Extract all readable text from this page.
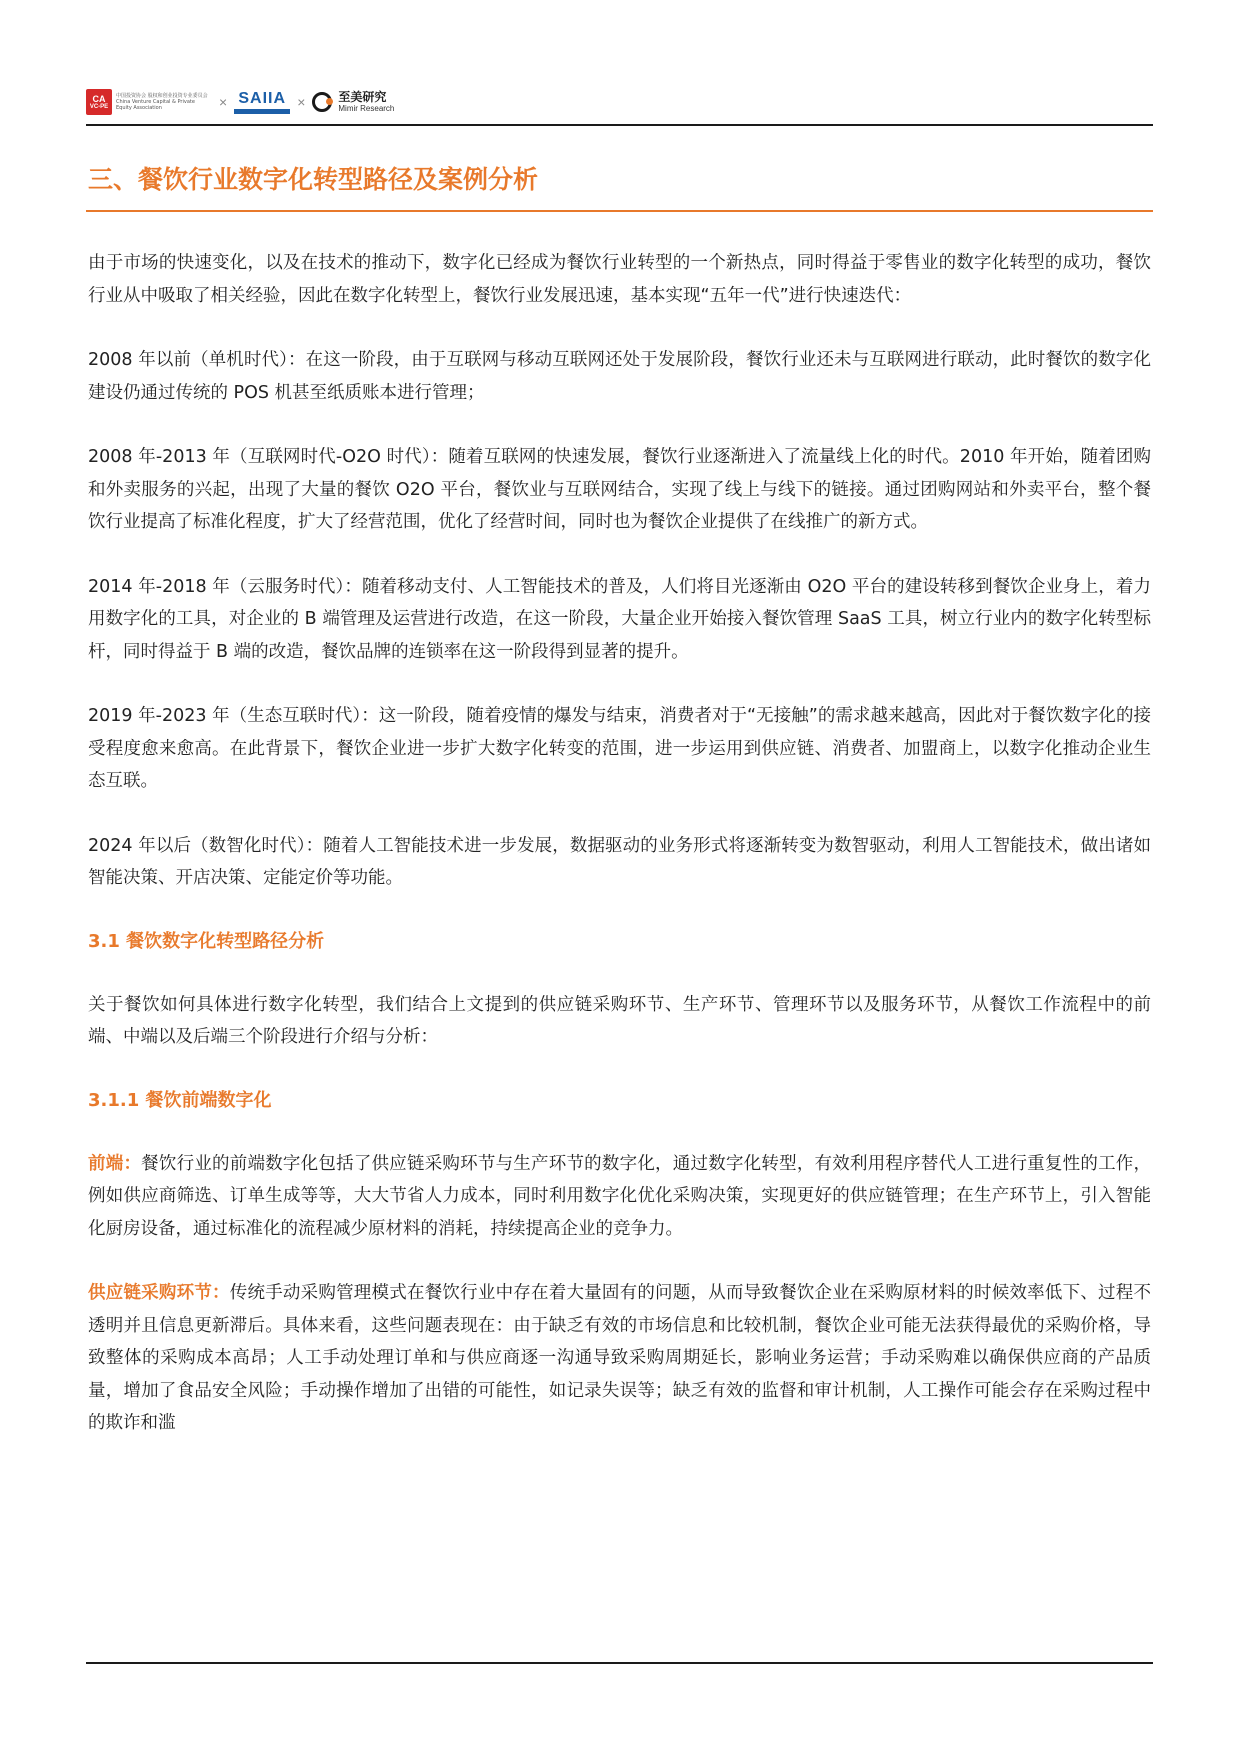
CA
VC-PE
中国投资协会 股权和创业投资专业委员会
China Venture Capital & Private Equity Association	× SAIIA ×	至美研究
Mimir Research
三、餐饮行业数字化转型路径及案例分析

由于市场的快速变化，以及在技术的推动下，数字化已经成为餐饮行业转型的一个新热点，同时得益于零售业的数字化转型的成功，餐饮行业从中吸取了相关经验，因此在数字化转型上，餐饮行业发展迅速，基本实现“五年一代”进行快速迭代：

2008 年以前（单机时代）：在这一阶段，由于互联网与移动互联网还处于发展阶段，餐饮行业还未与互联网进行联动，此时餐饮的数字化建设仍通过传统的 POS 机甚至纸质账本进行管理；

2008 年-2013 年（互联网时代-O2O 时代）：随着互联网的快速发展，餐饮行业逐渐进入了流量线上化的时代。2010 年开始，随着团购和外卖服务的兴起，出现了大量的餐饮 O2O 平台，餐饮业与互联网结合，实现了线上与线下的链接。通过团购网站和外卖平台，整个餐饮行业提高了标准化程度，扩大了经营范围，优化了经营时间，同时也为餐饮企业提供了在线推广的新方式。

2014 年-2018 年（云服务时代）：随着移动支付、人工智能技术的普及，人们将目光逐渐由 O2O 平台的建设转移到餐饮企业身上，着力用数字化的工具，对企业的 B 端管理及运营进行改造，在这一阶段，大量企业开始接入餐饮管理 SaaS 工具，树立行业内的数字化转型标杆，同时得益于 B 端的改造，餐饮品牌的连锁率在这一阶段得到显著的提升。

2019 年-2023 年（生态互联时代）：这一阶段，随着疫情的爆发与结束，消费者对于“无接触”的需求越来越高，因此对于餐饮数字化的接受程度愈来愈高。在此背景下，餐饮企业进一步扩大数字化转变的范围，进一步运用到供应链、消费者、加盟商上，以数字化推动企业生态互联。

2024 年以后（数智化时代）：随着人工智能技术进一步发展，数据驱动的业务形式将逐渐转变为数智驱动，利用人工智能技术，做出诸如智能决策、开店决策、定能定价等功能。

3.1 餐饮数字化转型路径分析

关于餐饮如何具体进行数字化转型，我们结合上文提到的供应链采购环节、生产环节、管理环节以及服务环节，从餐饮工作流程中的前端、中端以及后端三个阶段进行介绍与分析：

3.1.1 餐饮前端数字化

前端：餐饮行业的前端数字化包括了供应链采购环节与生产环节的数字化，通过数字化转型，有效利用程序替代人工进行重复性的工作，例如供应商筛选、订单生成等等，大大节省人力成本，同时利用数字化优化采购决策，实现更好的供应链管理；在生产环节上，引入智能化厨房设备，通过标准化的流程减少原材料的消耗，持续提高企业的竞争力。

供应链采购环节：传统手动采购管理模式在餐饮行业中存在着大量固有的问题，从而导致餐饮企业在采购原材料的时候效率低下、过程不透明并且信息更新滞后。具体来看，这些问题表现在：由于缺乏有效的市场信息和比较机制，餐饮企业可能无法获得最优的采购价格，导致整体的采购成本高昂；人工手动处理订单和与供应商逐一沟通导致采购周期延长，影响业务运营；手动采购难以确保供应商的产品质量，增加了食品安全风险；手动操作增加了出错的可能性，如记录失误等；缺乏有效的监督和审计机制，人工操作可能会存在采购过程中的欺诈和滥
